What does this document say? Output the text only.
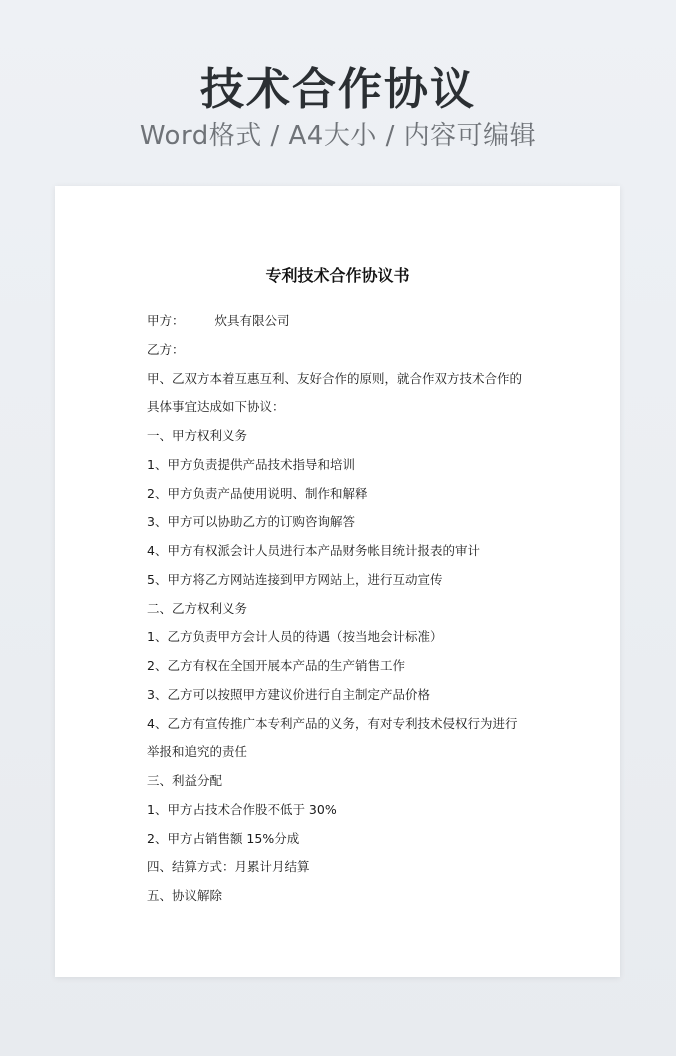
技术合作协议
Word格式 / A4大小 / 内容可编辑
专利技术合作协议书
甲方： 炊具有限公司
乙方：
甲、乙双方本着互惠互利、友好合作的原则，就合作双方技术合作的
具体事宜达成如下协议：
一、甲方权利义务
1、甲方负责提供产品技术指导和培训
2、甲方负责产品使用说明、制作和解释
3、甲方可以协助乙方的订购咨询解答
4、甲方有权派会计人员进行本产品财务帐目统计报表的审计
5、甲方将乙方网站连接到甲方网站上，进行互动宣传
二、乙方权利义务
1、乙方负责甲方会计人员的待遇（按当地会计标准）
2、乙方有权在全国开展本产品的生产销售工作
3、乙方可以按照甲方建议价进行自主制定产品价格
4、乙方有宣传推广本专利产品的义务，有对专利技术侵权行为进行
举报和追究的责任
三、利益分配
1、甲方占技术合作股不低于 30%
2、甲方占销售额 15%分成
四、结算方式：月累计月结算
五、协议解除
